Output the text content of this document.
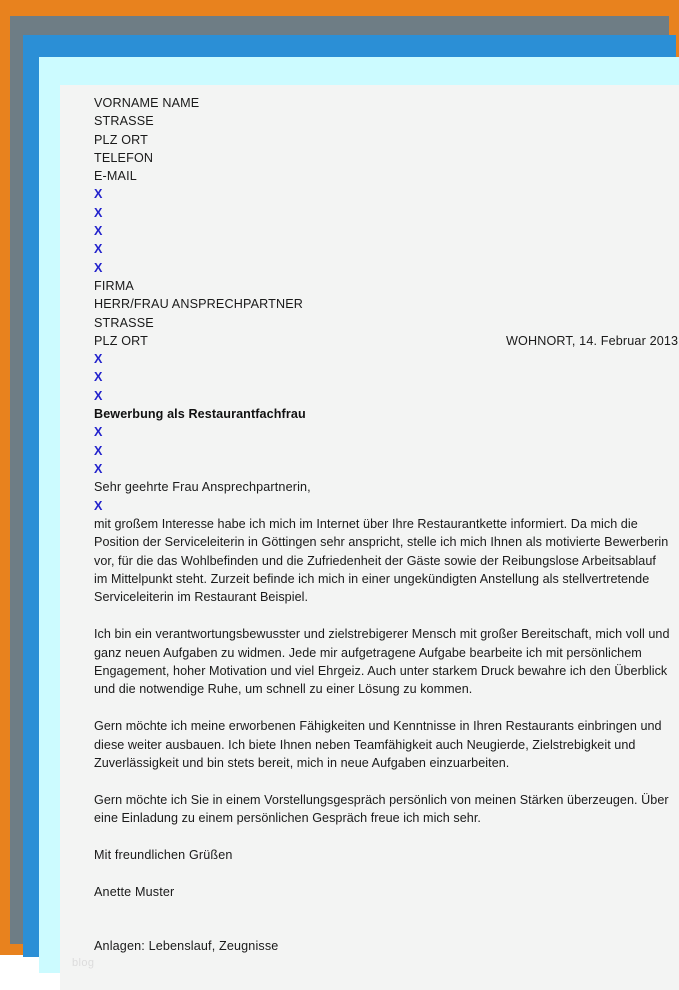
VORNAME NAME
STRASSE
PLZ ORT
TELEFON
E-MAIL
X
X
X
X
X
FIRMA
HERR/FRAU ANSPRECHPARTNER
STRASSE
PLZ ORT	WOHNORT, 14. Februar 2013
X
X
X
Bewerbung als Restaurantfachfrau
X
X
X
Sehr geehrte Frau Ansprechpartnerin,
X

mit großem Interesse habe ich mich im Internet über Ihre Restaurantkette informiert. Da mich die Position der Serviceleiterin in Göttingen sehr anspricht, stelle ich mich Ihnen als motivierte Bewerberin vor, für die das Wohlbefinden und die Zufriedenheit der Gäste sowie der Reibungslose Arbeitsablauf im Mittelpunkt steht. Zurzeit befinde ich mich in einer ungekündigten Anstellung als stellvertretende Serviceleiterin im Restaurant Beispiel.

Ich bin ein verantwortungsbewusster und zielstrebigerer Mensch mit großer Bereitschaft, mich voll und ganz neuen Aufgaben zu widmen. Jede mir aufgetragene Aufgabe bearbeite ich mit persönlichem Engagement, hoher Motivation und viel Ehrgeiz. Auch unter starkem Druck bewahre ich den Überblick und die notwendige Ruhe, um schnell zu einer Lösung zu kommen.

Gern möchte ich meine erworbenen Fähigkeiten und Kenntnisse in Ihren Restaurants einbringen und diese weiter ausbauen. Ich biete Ihnen neben Teamfähigkeit auch Neugierde, Zielstrebigkeit und Zuverlässigkeit und bin stets bereit, mich in neue Aufgaben einzuarbeiten.

Gern möchte ich Sie in einem Vorstellungsgespräch persönlich von meinen Stärken überzeugen. Über eine Einladung zu einem persönlichen Gespräch freue ich mich sehr.

Mit freundlichen Grüßen
Anette Muster
Anlagen: Lebenslauf, Zeugnisse
blog
